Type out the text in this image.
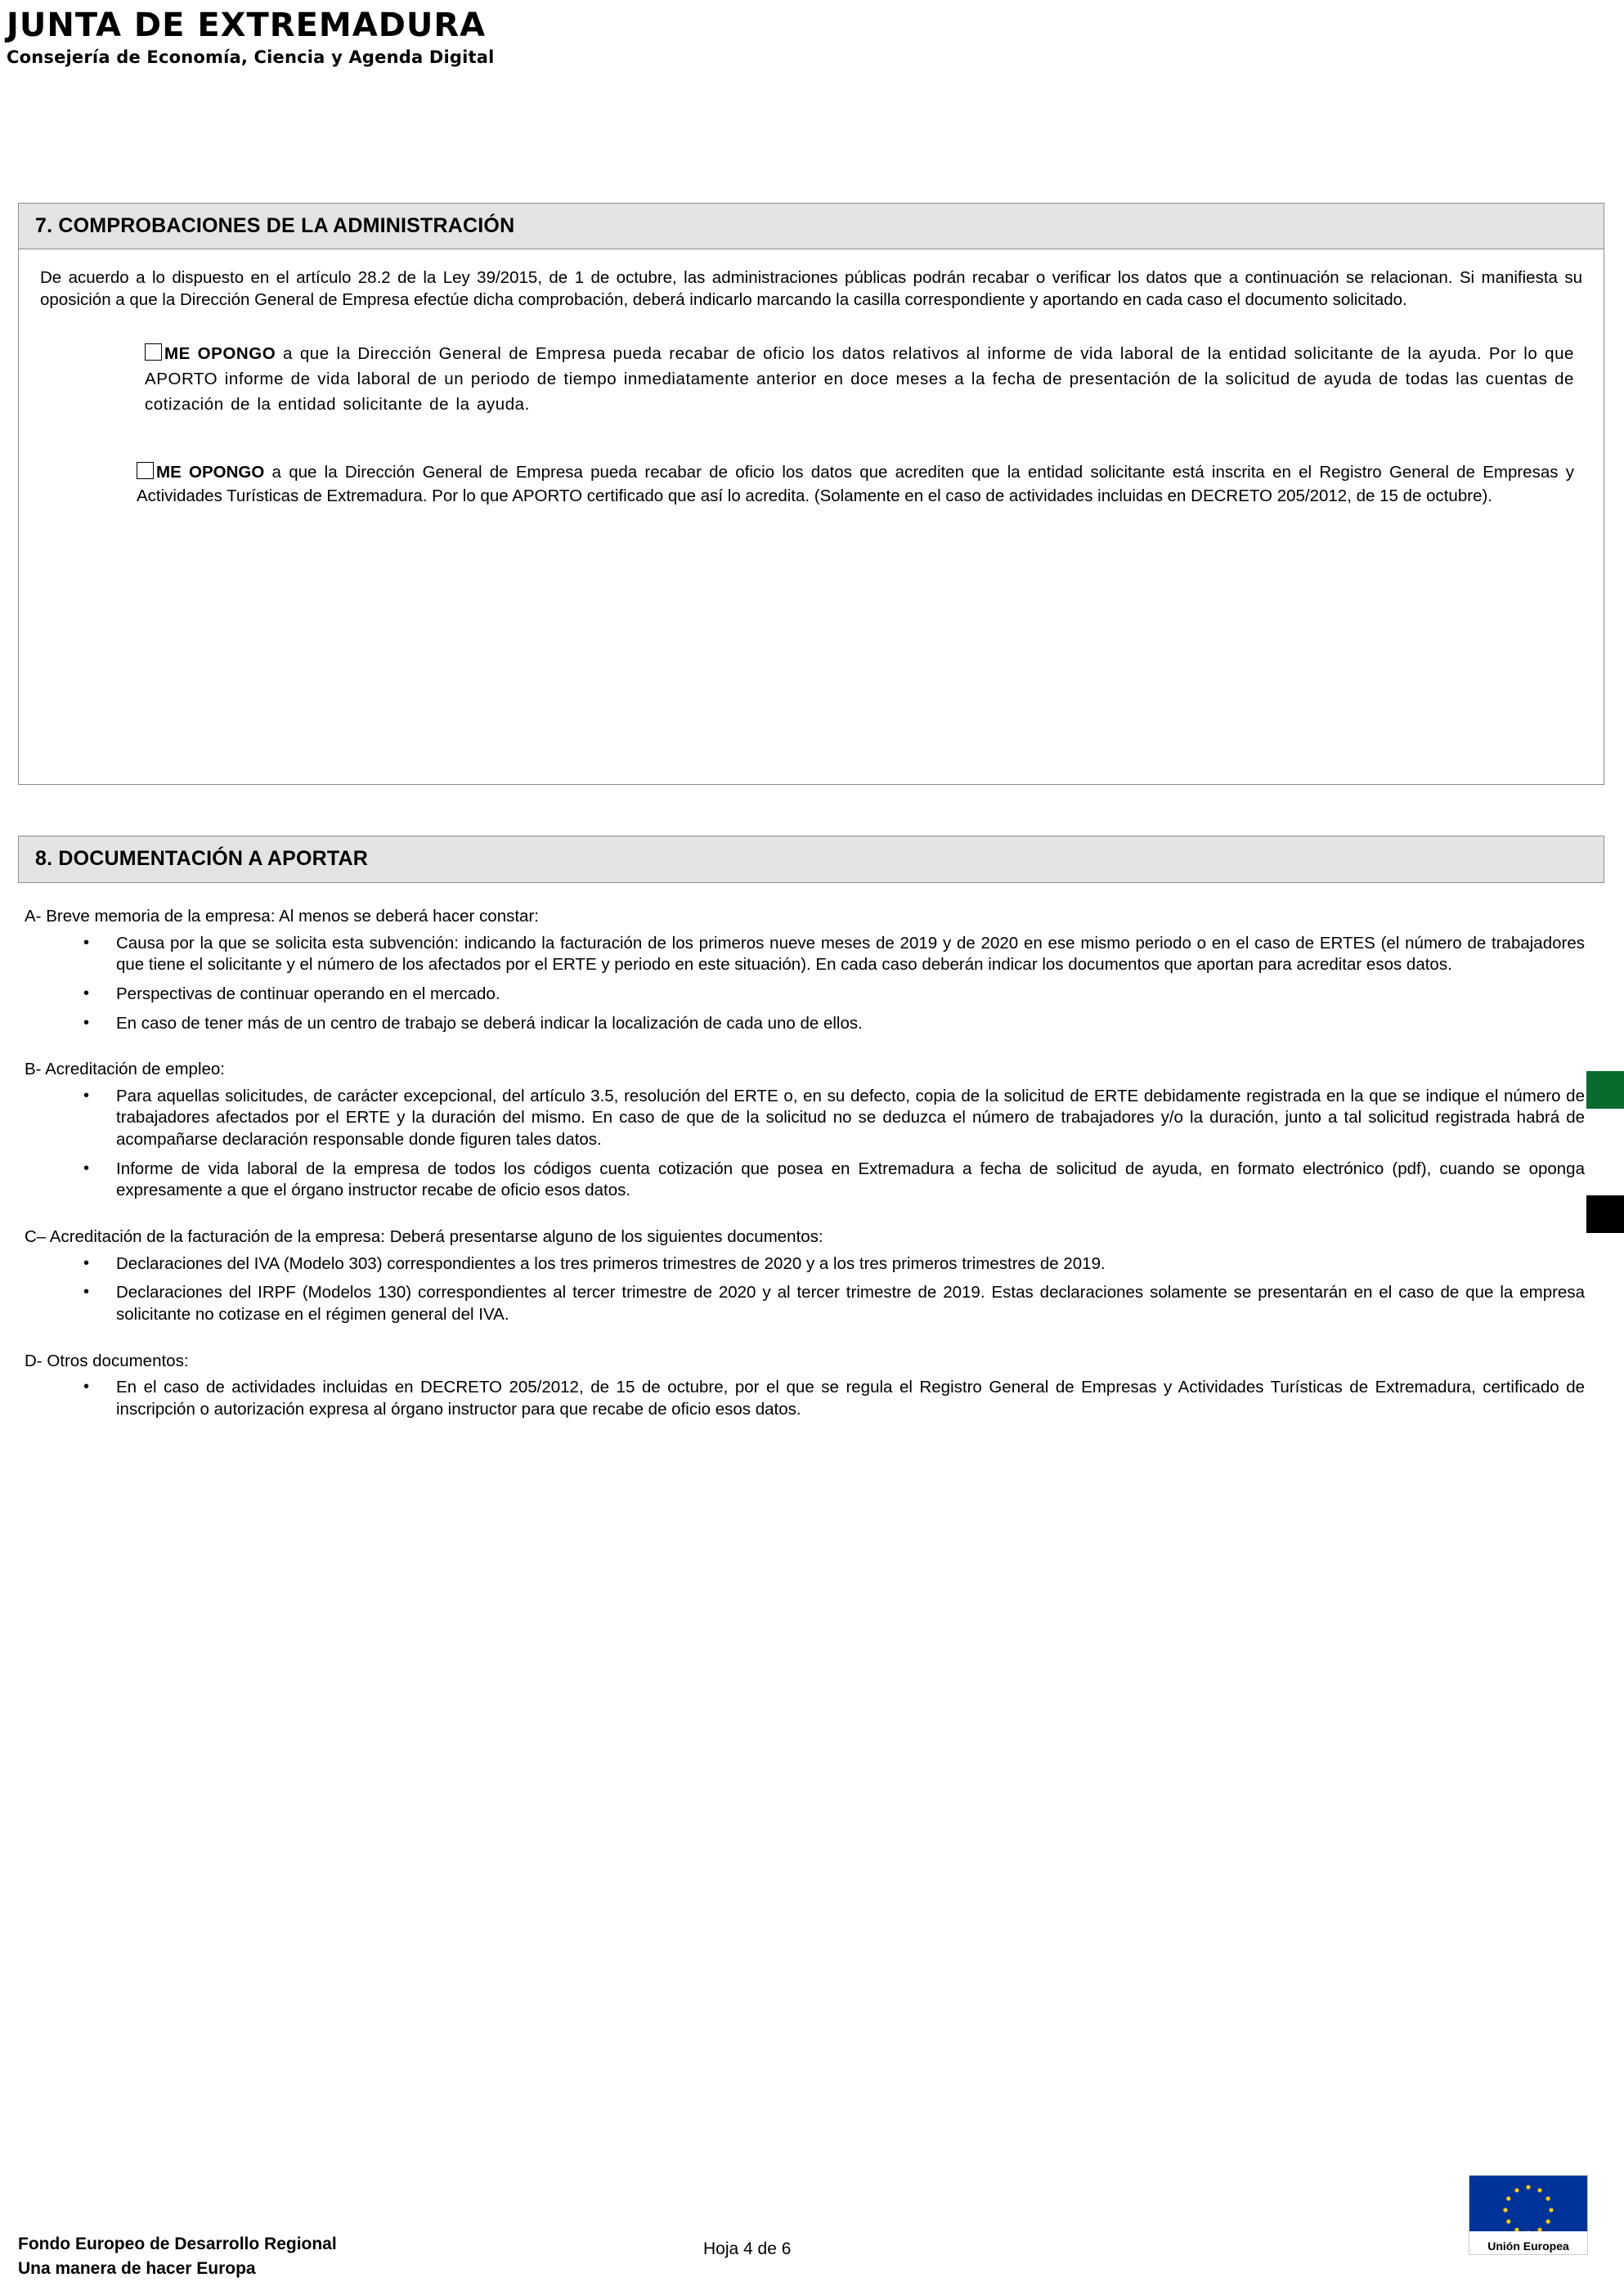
JUNTA DE EXTREMADURA
Consejería de Economía, Ciencia y Agenda Digital
7. COMPROBACIONES DE LA ADMINISTRACIÓN

De acuerdo a lo dispuesto en el artículo 28.2 de la Ley 39/2015, de 1 de octubre, las administraciones públicas podrán recabar o verificar los datos que a continuación se relacionan. Si manifiesta su oposición a que la Dirección General de Empresa efectúe dicha comprobación, deberá indicarlo marcando la casilla correspondiente y aportando en cada caso el documento solicitado.

ME OPONGO a que la Dirección General de Empresa pueda recabar de oficio los datos relativos al informe de vida laboral de la entidad solicitante de la ayuda. Por lo que APORTO informe de vida laboral de un periodo de tiempo inmediatamente anterior en doce meses a la fecha de presentación de la solicitud de ayuda de todas las cuentas de cotización de la entidad solicitante de la ayuda.
ME OPONGO a que la Dirección General de Empresa pueda recabar de oficio los datos que acrediten que la entidad solicitante está inscrita en el Registro General de Empresas y Actividades Turísticas de Extremadura. Por lo que APORTO certificado que así lo acredita. (Solamente en el caso de actividades incluidas en DECRETO 205/2012, de 15 de octubre).
8. DOCUMENTACIÓN A APORTAR

A- Breve memoria de la empresa: Al menos se deberá hacer constar:

• Causa por la que se solicita esta subvención: indicando la facturación de los primeros nueve meses de 2019 y de 2020 en ese mismo periodo o en el caso de ERTES (el número de trabajadores que tiene el solicitante y el número de los afectados por el ERTE y periodo en este situación). En cada caso deberán indicar los documentos que aportan para acreditar esos datos.
• Perspectivas de continuar operando en el mercado.
• En caso de tener más de un centro de trabajo se deberá indicar la localización de cada uno de ellos.

B- Acreditación de empleo:

• Para aquellas solicitudes, de carácter excepcional, del artículo 3.5, resolución del ERTE o, en su defecto, copia de la solicitud de ERTE debidamente registrada en la que se indique el número de trabajadores afectados por el ERTE y la duración del mismo. En caso de que de la solicitud no se deduzca el número de trabajadores y/o la duración, junto a tal solicitud registrada habrá de acompañarse declaración responsable donde figuren tales datos.
• Informe de vida laboral de la empresa de todos los códigos cuenta cotización que posea en Extremadura a fecha de solicitud de ayuda, en formato electrónico (pdf), cuando se oponga expresamente a que el órgano instructor recabe de oficio esos datos.

C– Acreditación de la facturación de la empresa: Deberá presentarse alguno de los siguientes documentos:

• Declaraciones del IVA (Modelo 303) correspondientes a los tres primeros trimestres de 2020 y a los tres primeros trimestres de 2019.
• Declaraciones del IRPF (Modelos 130) correspondientes al tercer trimestre de 2020 y al tercer trimestre de 2019. Estas declaraciones solamente se presentarán en el caso de que la empresa solicitante no cotizase en el régimen general del IVA.

D- Otros documentos:

• En el caso de actividades incluidas en DECRETO 205/2012, de 15 de octubre, por el que se regula el Registro General de Empresas y Actividades Turísticas de Extremadura, certificado de inscripción o autorización expresa al órgano instructor para que recabe de oficio esos datos.
Fondo Europeo de Desarrollo Regional
Una manera de hacer Europa
Hoja 4 de 6	Unión Europea
